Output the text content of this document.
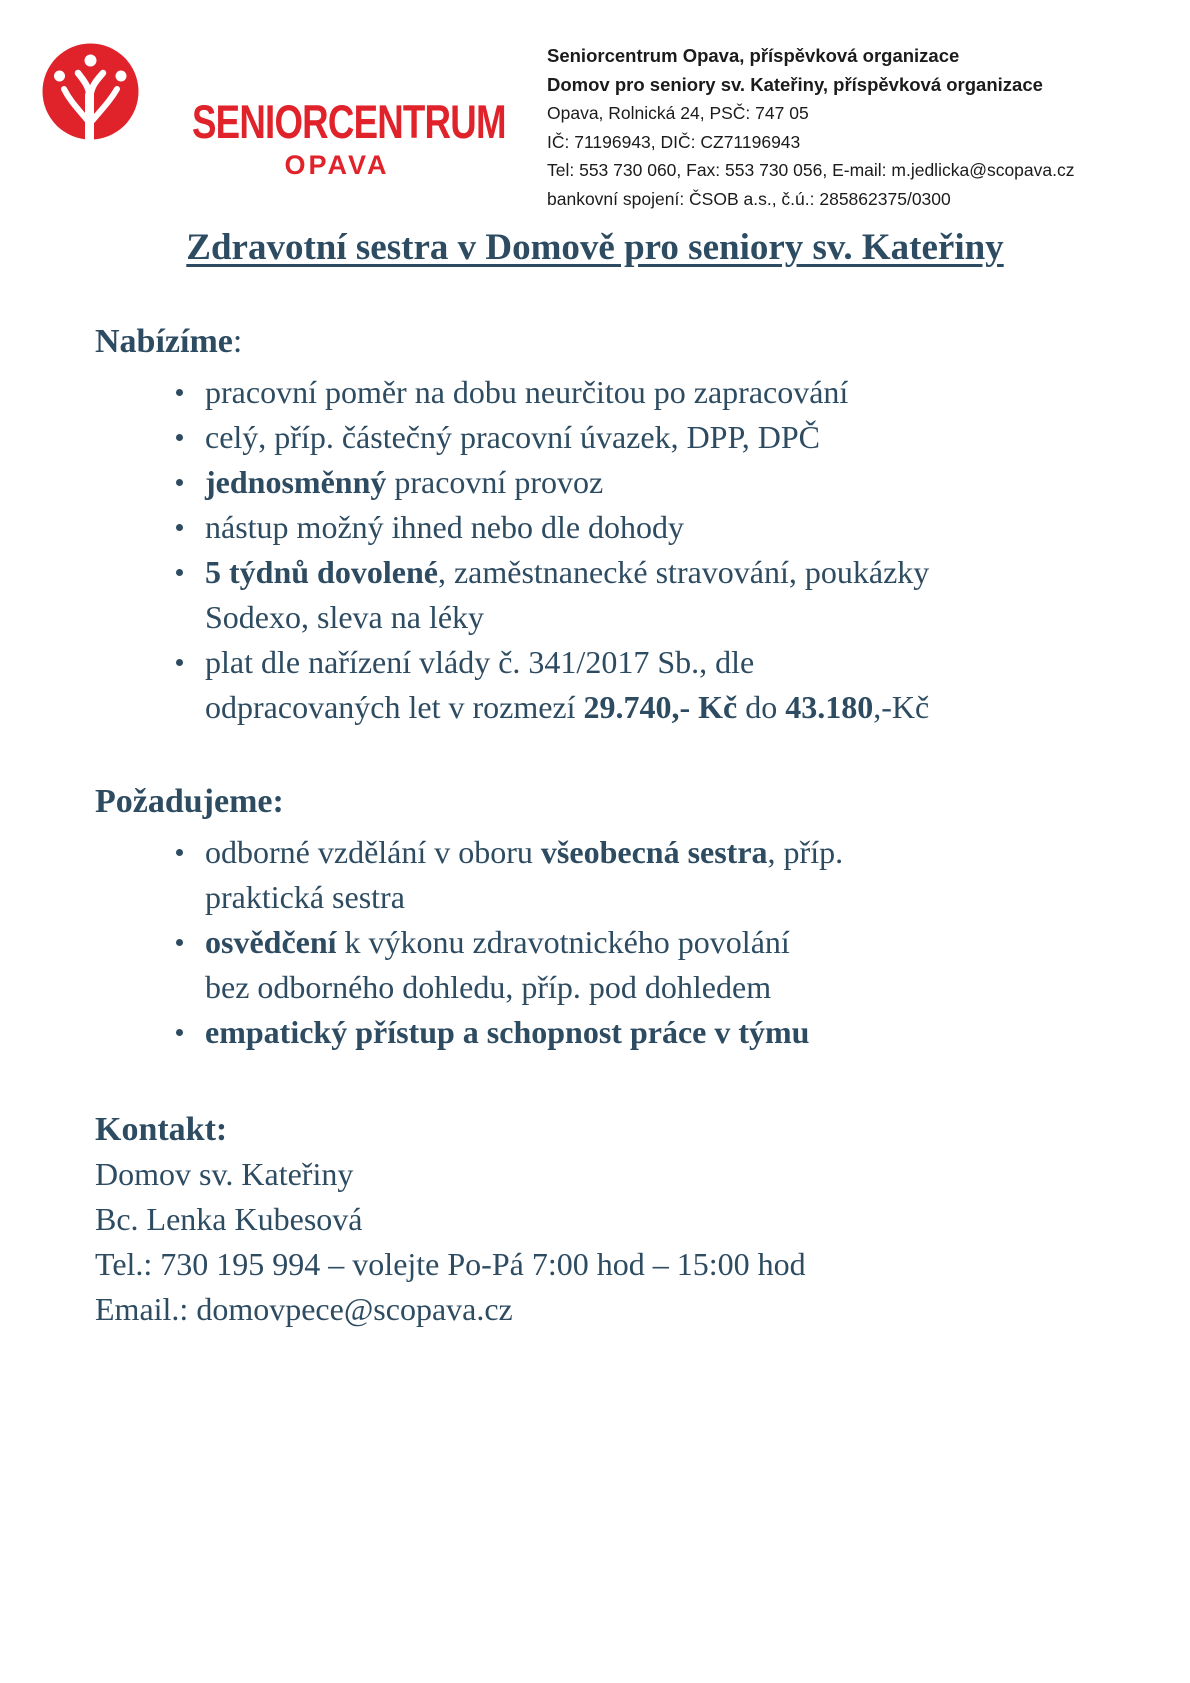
SENIORCENTRUM
OPAVA
Seniorcentrum Opava, příspěvková organizace
Domov pro seniory sv. Kateřiny, příspěvková organizace
Opava, Rolnická 24, PSČ: 747 05
IČ: 71196943, DIČ: CZ71196943
Tel: 553 730 060, Fax: 553 730 056, E-mail: m.jedlicka@scopava.cz
bankovní spojení: ČSOB a.s., č.ú.: 285862375/0300
Zdravotní sestra v Domově pro seniory sv. Kateřiny
Nabízíme:
pracovní poměr na dobu neurčitou po zapracování
celý, příp. částečný pracovní úvazek, DPP, DPČ
jednosměnný pracovní provoz
nástup možný ihned nebo dle dohody
5 týdnů dovolené, zaměstnanecké stravování, poukázky
Sodexo, sleva na léky
plat dle nařízení vlády č. 341/2017 Sb., dle
odpracovaných let v rozmezí 29.740,- Kč do 43.180,-Kč
Požadujeme:
odborné vzdělání v oboru všeobecná sestra, příp.
praktická sestra
osvědčení k výkonu zdravotnického povolání
bez odborného dohledu, příp. pod dohledem
empatický přístup a schopnost práce v týmu
Kontakt:
Domov sv. Kateřiny
Bc. Lenka Kubesová
Tel.: 730 195 994 – volejte Po-Pá 7:00 hod – 15:00 hod
Email.: domovpece@scopava.cz
